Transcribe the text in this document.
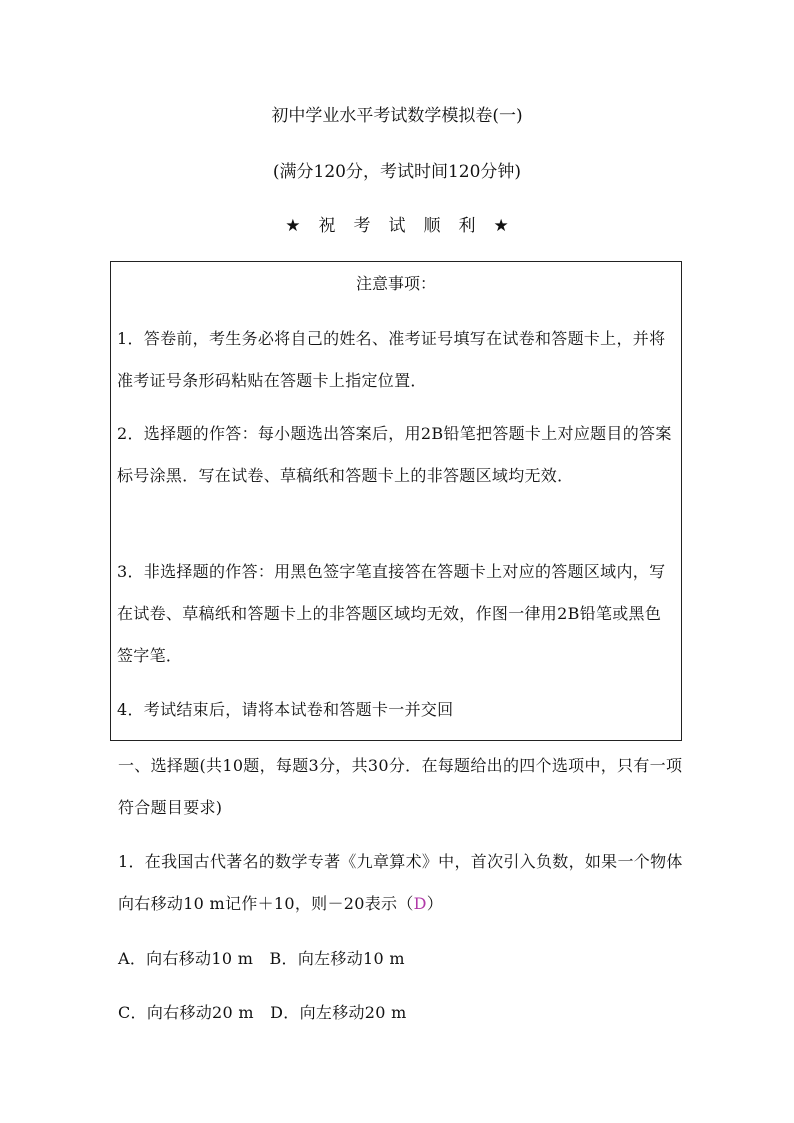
初中学业水平考试数学模拟卷(一)
(满分120分，考试时间120分钟)
★ 祝 考 试 顺 利 ★
注意事项：
1．答卷前，考生务必将自己的姓名、准考证号填写在试卷和答题卡上，并将准考证号条形码粘贴在答题卡上指定位置．
2．选择题的作答：每小题选出答案后，用2B铅笔把答题卡上对应题目的答案标号涂黑．写在试卷、草稿纸和答题卡上的非答题区域均无效．
3．非选择题的作答：用黑色签字笔直接答在答题卡上对应的答题区域内，写在试卷、草稿纸和答题卡上的非答题区域均无效，作图一律用2B铅笔或黑色签字笔．
4．考试结束后，请将本试卷和答题卡一并交回
一、选择题(共10题，每题3分，共30分．在每题给出的四个选项中，只有一项符合题目要求)
1．在我国古代著名的数学专著《九章算术》中，首次引入负数，如果一个物体向右移动10 m记作＋10，则－20表示（D）
A．向右移动10 m　B．向左移动10 m
C．向右移动20 m　D．向左移动20 m
